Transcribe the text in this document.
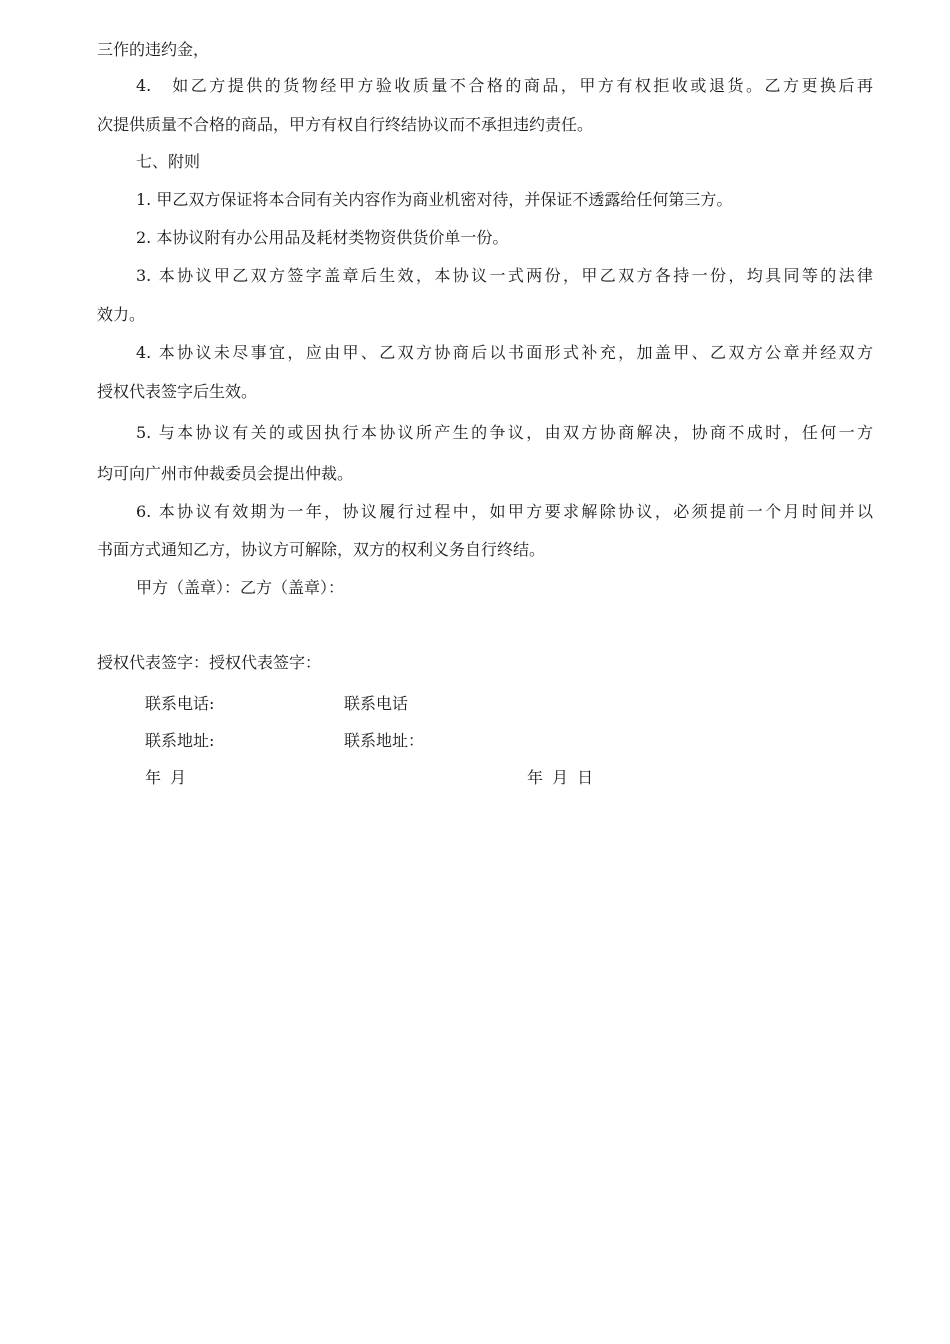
三作的违约金，
4.　如乙方提供的货物经甲方验收质量不合格的商品，甲方有权拒收或退货。乙方更换后再
次提供质量不合格的商品，甲方有权自行终结协议而不承担违约责任。
七、附则
1. 甲乙双方保证将本合同有关内容作为商业机密对待，并保证不透露给任何第三方。
2. 本协议附有办公用品及耗材类物资供货价单一份。
3. 本协议甲乙双方签字盖章后生效，本协议一式两份，甲乙双方各持一份，均具同等的法律
效力。
4. 本协议未尽事宜，应由甲、乙双方协商后以书面形式补充，加盖甲、乙双方公章并经双方
授权代表签字后生效。
5. 与本协议有关的或因执行本协议所产生的争议，由双方协商解决，协商不成时，任何一方
均可向广州市仲裁委员会提出仲裁。
6. 本协议有效期为一年，协议履行过程中，如甲方要求解除协议，必须提前一个月时间并以
书面方式通知乙方，协议方可解除，双方的权利义务自行终结。
甲方（盖章）：乙方（盖章）：
授权代表签字：授权代表签字：
联系电话:	联系电话
联系地址:	联系地址：
年 月	年 月 日
